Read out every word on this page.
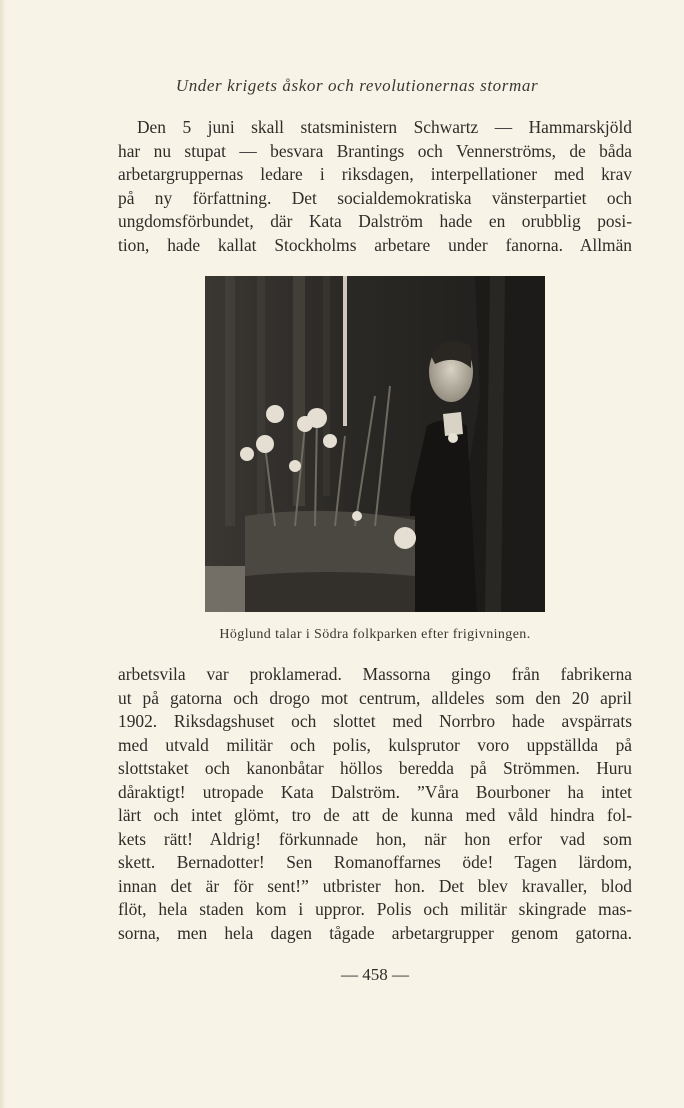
Under krigets åskor och revolutionernas stormar
Den 5 juni skall statsministern Schwartz — Hammarskjöld
har nu stupat — besvara Brantings och Vennerströms, de båda
arbetargruppernas ledare i riksdagen, interpellationer med krav
på ny författning. Det socialdemokratiska vänsterpartiet och
ungdomsförbundet, där Kata Dalström hade en orubblig posi-
tion, hade kallat Stockholms arbetare under fanorna. Allmän
Höglund talar i Södra folkparken efter frigivningen.
arbetsvila var proklamerad. Massorna gingo från fabrikerna
ut på gatorna och drogo mot centrum, alldeles som den 20 april
1902. Riksdagshuset och slottet med Norrbro hade avspärrats
med utvald militär och polis, kulsprutor voro uppställda på
slottstaket och kanonbåtar höllos beredda på Strömmen. Huru
dåraktigt! utropade Kata Dalström. ”Våra Bourboner ha intet
lärt och intet glömt, tro de att de kunna med våld hindra fol-
kets rätt! Aldrig! förkunnade hon, när hon erfor vad som
skett. Bernadotter! Sen Romanoffarnes öde! Tagen lärdom,
innan det är för sent!” utbrister hon. Det blev kravaller, blod
flöt, hela staden kom i uppror. Polis och militär skingrade mas-
sorna, men hela dagen tågade arbetargrupper genom gatorna.
— 458 —
